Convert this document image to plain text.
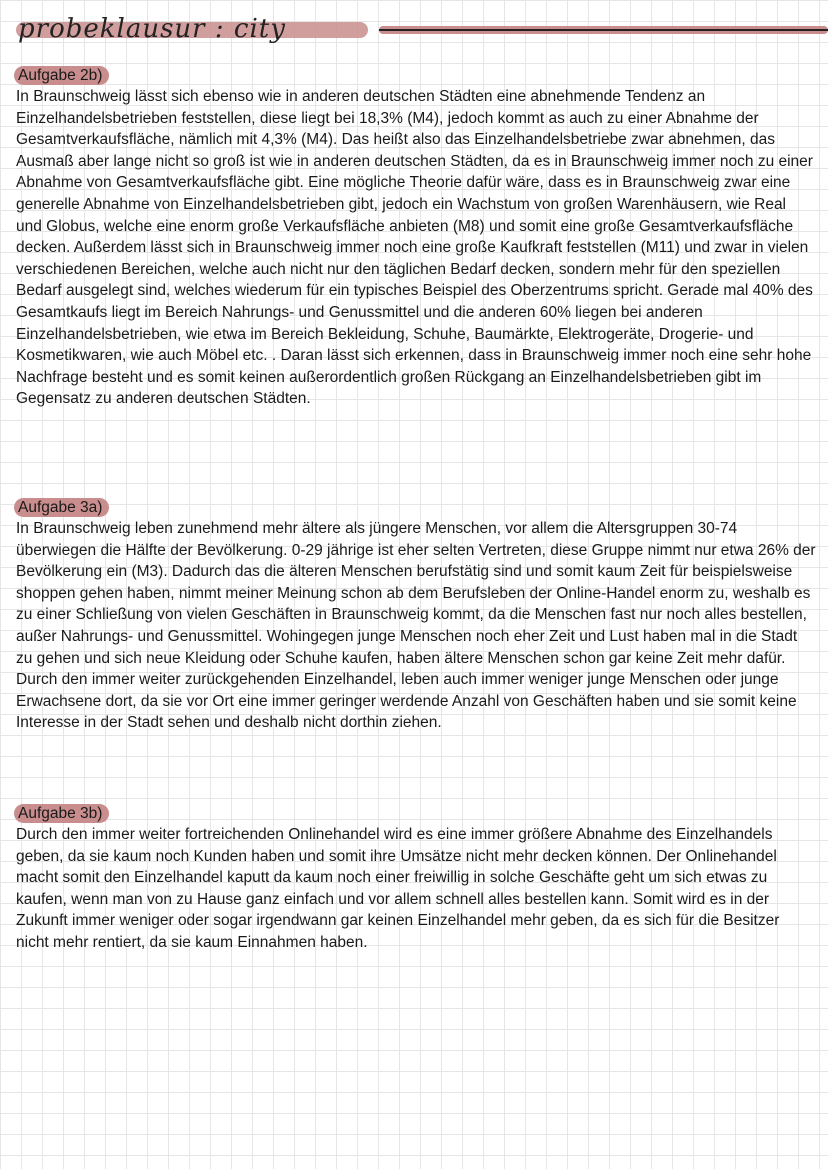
probeklausur : city
Aufgabe 2b)

In Braunschweig lässt sich ebenso wie in anderen deutschen Städten eine abnehmende Tendenz an Einzelhandelsbetrieben feststellen, diese liegt bei 18,3% (M4), jedoch kommt as auch zu einer Abnahme der Gesamtverkaufsfläche, nämlich mit 4,3% (M4). Das heißt also das Einzelhandelsbetriebe zwar abnehmen, das Ausmaß aber lange nicht so groß ist wie in anderen deutschen Städten, da es in Braunschweig immer noch zu einer Abnahme von Gesamtverkaufsfläche gibt. Eine mögliche Theorie dafür wäre, dass es in Braunschweig zwar eine generelle Abnahme von Einzelhandelsbetrieben gibt, jedoch ein Wachstum von großen Warenhäusern, wie Real und Globus, welche eine enorm große Verkaufsfläche anbieten (M8) und somit eine große Gesamtverkaufsfläche decken. Außerdem lässt sich in Braunschweig immer noch eine große Kaufkraft feststellen (M11) und zwar in vielen verschiedenen Bereichen, welche auch nicht nur den täglichen Bedarf decken, sondern mehr für den speziellen Bedarf ausgelegt sind, welches wiederum für ein typisches Beispiel des Oberzentrums spricht. Gerade mal 40% des Gesamtkaufs liegt im Bereich Nahrungs- und Genussmittel und die anderen 60% liegen bei anderen Einzelhandelsbetrieben, wie etwa im Bereich Bekleidung, Schuhe, Baumärkte, Elektrogeräte, Drogerie- und Kosmetikwaren, wie auch Möbel etc. . Daran lässt sich erkennen, dass in Braunschweig immer noch eine sehr hohe Nachfrage besteht und es somit keinen außerordentlich großen Rückgang an Einzelhandelsbetrieben gibt im Gegensatz zu anderen deutschen Städten.

Aufgabe 3a)

In Braunschweig leben zunehmend mehr ältere als jüngere Menschen, vor allem die Altersgruppen 30-74 überwiegen die Hälfte der Bevölkerung. 0-29 jährige ist eher selten Vertreten, diese Gruppe nimmt nur etwa 26% der Bevölkerung ein (M3). Dadurch das die älteren Menschen berufstätig sind und somit kaum Zeit für beispielsweise shoppen gehen haben, nimmt meiner Meinung schon ab dem Berufsleben der Online-Handel enorm zu, weshalb es zu einer Schließung von vielen Geschäften in Braunschweig kommt, da die Menschen fast nur noch alles bestellen, außer Nahrungs- und Genussmittel. Wohingegen junge Menschen noch eher Zeit und Lust haben mal in die Stadt zu gehen und sich neue Kleidung oder Schuhe kaufen, haben ältere Menschen schon gar keine Zeit mehr dafür. Durch den immer weiter zurückgehenden Einzelhandel, leben auch immer weniger junge Menschen oder junge Erwachsene dort, da sie vor Ort eine immer geringer werdende Anzahl von Geschäften haben und sie somit keine Interesse in der Stadt sehen und deshalb nicht dorthin ziehen.

Aufgabe 3b)

Durch den immer weiter fortreichenden Onlinehandel wird es eine immer größere Abnahme des Einzelhandels geben, da sie kaum noch Kunden haben und somit ihre Umsätze nicht mehr decken können. Der Onlinehandel macht somit den Einzelhandel kaputt da kaum noch einer freiwillig in solche Geschäfte geht um sich etwas zu kaufen, wenn man von zu Hause ganz einfach und vor allem schnell alles bestellen kann. Somit wird es in der Zukunft immer weniger oder sogar irgendwann gar keinen Einzelhandel mehr geben, da es sich für die Besitzer nicht mehr rentiert, da sie kaum Einnahmen haben.
